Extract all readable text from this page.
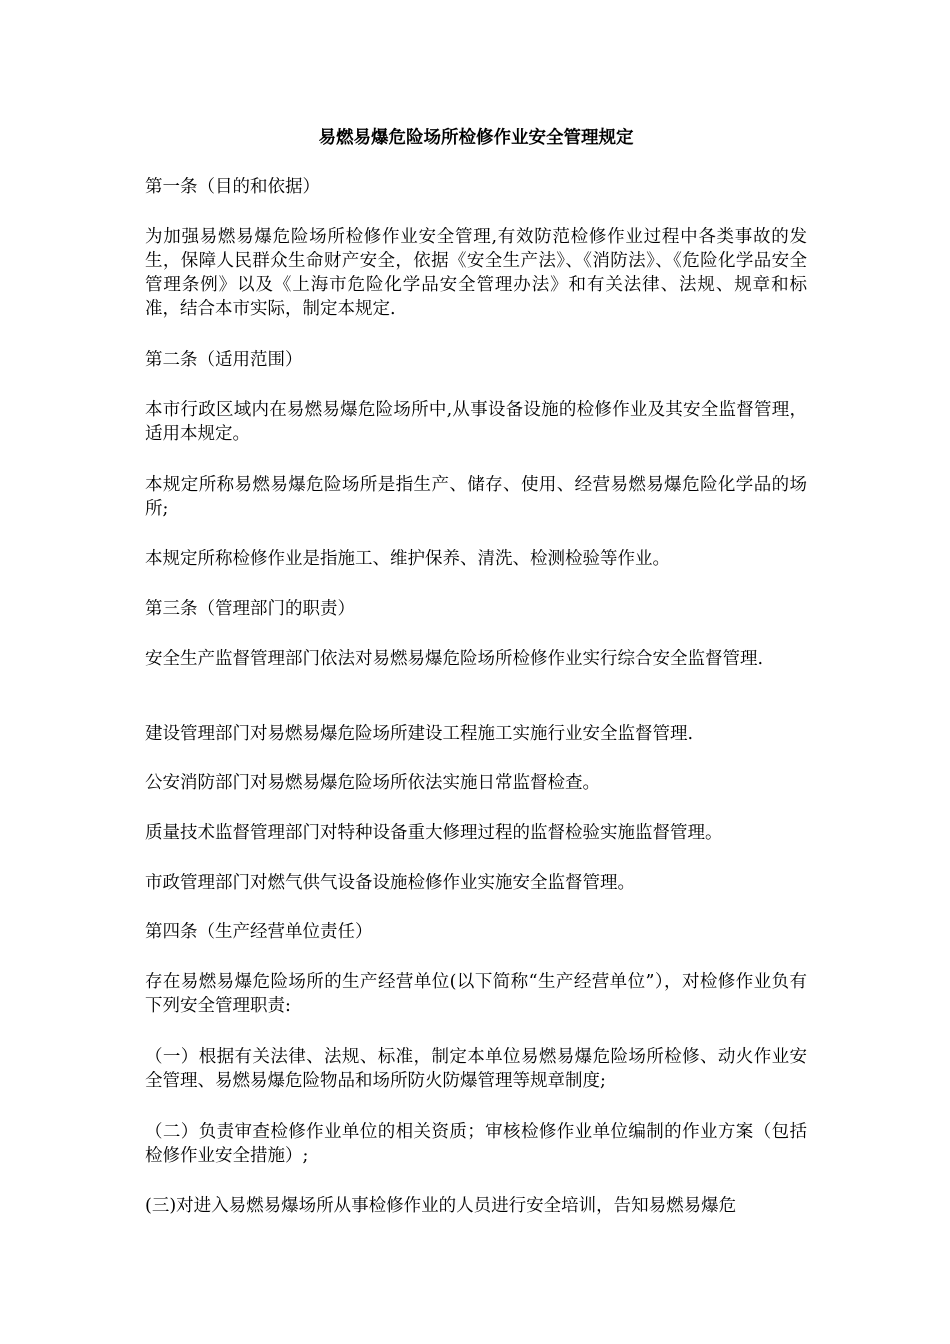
易燃易爆危险场所检修作业安全管理规定

第一条（目的和依据）

为加强易燃易爆危险场所检修作业安全管理,有效防范检修作业过程中各类事故的发生，保障人民群众生命财产安全，依据《安全生产法》、《消防法》、《危险化学品安全管理条例》以及《上海市危险化学品安全管理办法》和有关法律、法规、规章和标准，结合本市实际，制定本规定.

第二条（适用范围）

本市行政区域内在易燃易爆危险场所中,从事设备设施的检修作业及其安全监督管理，适用本规定。

本规定所称易燃易爆危险场所是指生产、储存、使用、经营易燃易爆危险化学品的场所;

本规定所称检修作业是指施工、维护保养、清洗、检测检验等作业。

第三条（管理部门的职责）

安全生产监督管理部门依法对易燃易爆危险场所检修作业实行综合安全监督管理.

建设管理部门对易燃易爆危险场所建设工程施工实施行业安全监督管理.

公安消防部门对易燃易爆危险场所依法实施日常监督检查。

质量技术监督管理部门对特种设备重大修理过程的监督检验实施监督管理。

市政管理部门对燃气供气设备设施检修作业实施安全监督管理。

第四条（生产经营单位责任）

存在易燃易爆危险场所的生产经营单位(以下简称“生产经营单位”），对检修作业负有下列安全管理职责:

（一）根据有关法律、法规、标准，制定本单位易燃易爆危险场所检修、动火作业安全管理、易燃易爆危险物品和场所防火防爆管理等规章制度;

（二）负责审查检修作业单位的相关资质；审核检修作业单位编制的作业方案（包括检修作业安全措施）;

(三)对进入易燃易爆场所从事检修作业的人员进行安全培训，告知易燃易爆危
